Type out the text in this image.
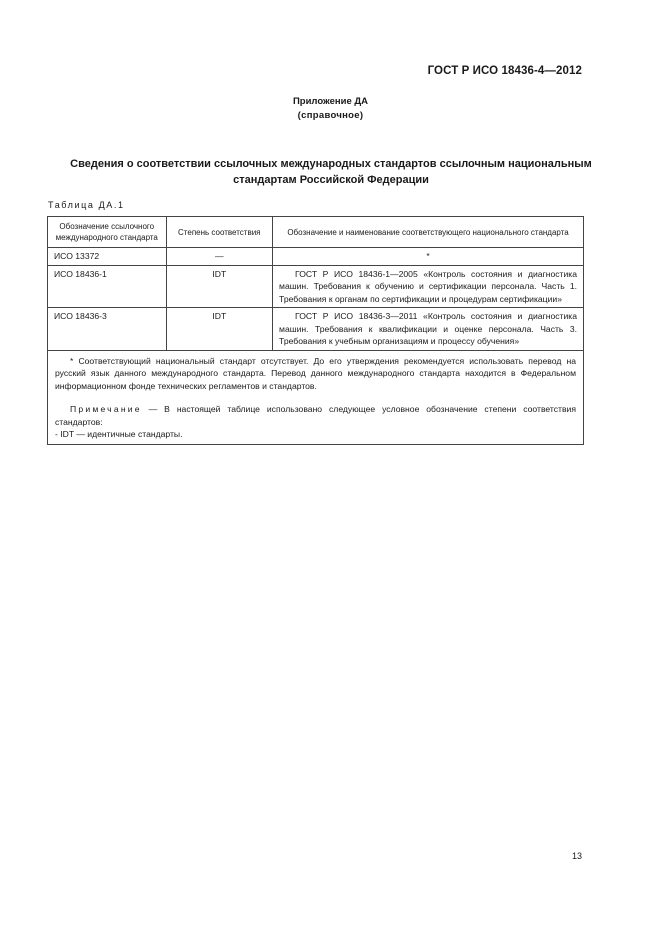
ГОСТ Р ИСО 18436-4—2012
Приложение ДА
(справочное)
Сведения о соответствии ссылочных международных стандартов ссылочным национальным
стандартам Российской Федерации
Таблица ДА.1
Обозначение ссылочного международного стандарта	Степень соответствия	Обозначение и наименование соответствующего национального стандарта
ИСО 13372	—	*
ИСО 18436-1	IDT	ГОСТ Р ИСО 18436-1—2005 «Контроль состояния и диагностика машин. Требования к обучению и сертификации персонала. Часть 1. Требования к органам по сертификации и процедурам сертификации»
ИСО 18436-3	IDT	ГОСТ Р ИСО 18436-3—2011 «Контроль состояния и диагностика машин. Требования к квалификации и оценке персонала. Часть 3. Требования к учебным организациям и процессу обучения»

* Соответствующий национальный стандарт отсутствует. До его утверждения рекомендуется использовать перевод на русский язык данного международного стандарта. Перевод данного международного стандарта находится в Федеральном информационном фонде технических регламентов и стандартов.

Примечание — В настоящей таблице использовано следующее условное обозначение степени соответствия стандартов:

- IDT — идентичные стандарты.		

13
